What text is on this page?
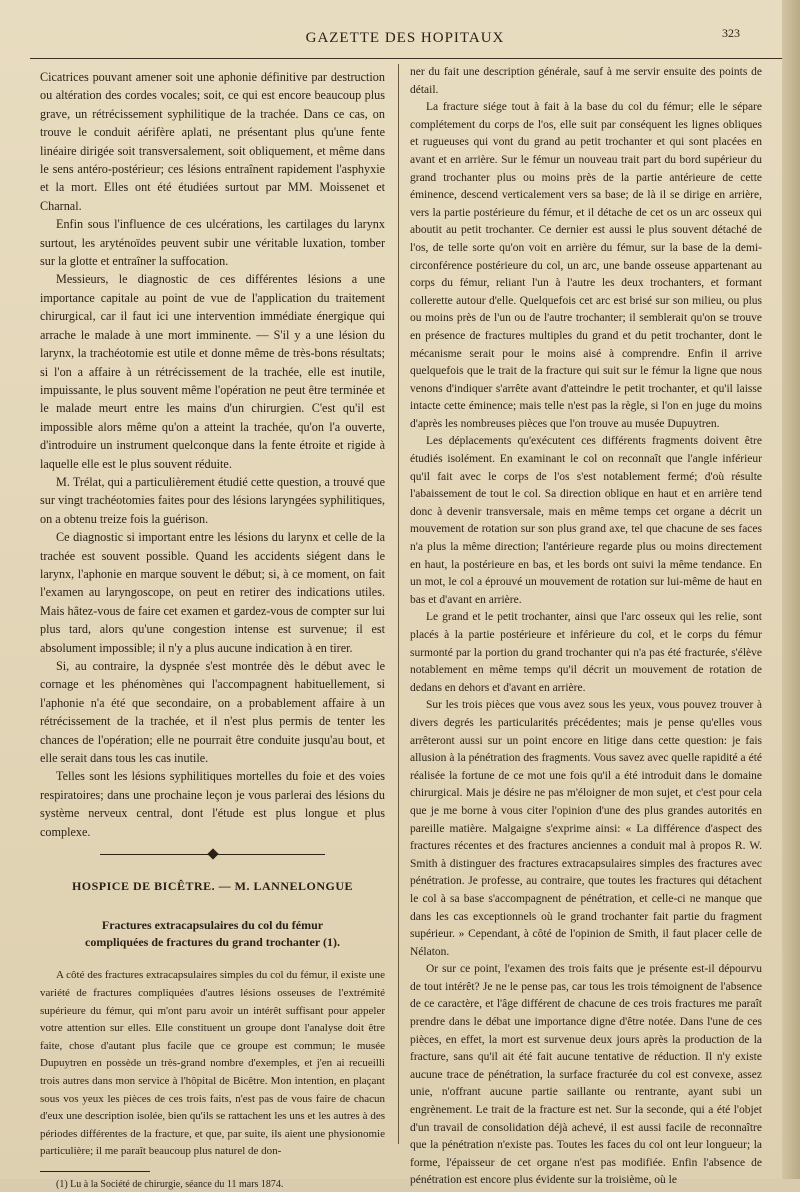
GAZETTE DES HOPITAUX	323

Cicatrices pouvant amener soit une aphonie définitive par destruction ou altération des cordes vocales; soit, ce qui est encore beaucoup plus grave, un rétrécissement syphilitique de la trachée. Dans ce cas, on trouve le conduit aérifère aplati, ne présentant plus qu'une fente linéaire dirigée soit transversalement, soit obliquement, et même dans le sens antéro-postérieur; ces lésions entraînent rapidement l'asphyxie et la mort. Elles ont été étudiées surtout par MM. Moissenet et Charnal.

Enfin sous l'influence de ces ulcérations, les cartilages du larynx surtout, les aryténoïdes peuvent subir une véritable luxation, tomber sur la glotte et entraîner la suffocation.

Messieurs, le diagnostic de ces différentes lésions a une importance capitale au point de vue de l'application du traitement chirurgical, car il faut ici une intervention immédiate énergique qui arrache le malade à une mort imminente. — S'il y a une lésion du larynx, la trachéotomie est utile et donne même de très-bons résultats; si l'on a affaire à un rétrécissement de la trachée, elle est inutile, impuissante, le plus souvent même l'opération ne peut être terminée et le malade meurt entre les mains d'un chirurgien. C'est qu'il est impossible alors même qu'on a atteint la trachée, qu'on l'a ouverte, d'introduire un instrument quelconque dans la fente étroite et rigide à laquelle elle est le plus souvent réduite.

M. Trélat, qui a particulièrement étudié cette question, a trouvé que sur vingt trachéotomies faites pour des lésions laryngées syphilitiques, on a obtenu treize fois la guérison.

Ce diagnostic si important entre les lésions du larynx et celle de la trachée est souvent possible. Quand les accidents siégent dans le larynx, l'aphonie en marque souvent le début; si, à ce moment, on fait l'examen au laryngoscope, on peut en retirer des indications utiles. Mais hâtez-vous de faire cet examen et gardez-vous de compter sur lui plus tard, alors qu'une congestion intense est survenue; il est absolument impossible; il n'y a plus aucune indication à en tirer.

Si, au contraire, la dyspnée s'est montrée dès le début avec le cornage et les phénomènes qui l'accompagnent habituellement, si l'aphonie n'a été que secondaire, on a probablement affaire à un rétrécissement de la trachée, et il n'est plus permis de tenter les chances de l'opération; elle ne pourrait être conduite jusqu'au bout, et elle serait dans tous les cas inutile.

Telles sont les lésions syphilitiques mortelles du foie et des voies respiratoires; dans une prochaine leçon je vous parlerai des lésions du système nerveux central, dont l'étude est plus longue et plus complexe.

HOSPICE DE BICÊTRE. — M. LANNELONGUE
Fractures extracapsulaires du col du fémur
compliquées de fractures du grand trochanter (1).

A côté des fractures extracapsulaires simples du col du fémur, il existe une variété de fractures compliquées d'autres lésions osseuses de l'extrémité supérieure du fémur, qui m'ont paru avoir un intérêt suffisant pour appeler votre attention sur elles. Elle constituent un groupe dont l'analyse doit être faite, chose d'autant plus facile que ce groupe est commun; le musée Dupuytren en possède un très-grand nombre d'exemples, et j'en ai recueilli trois autres dans mon service à l'hôpital de Bicêtre. Mon intention, en plaçant sous vos yeux les pièces de ces trois faits, n'est pas de vous faire de chacun d'eux une description isolée, bien qu'ils se rattachent les uns et les autres à des périodes différentes de la fracture, et que, par suite, ils aient une physionomie particulière; il me paraît beaucoup plus naturel de don-

(1) Lu à la Société de chirurgie, séance du 11 mars 1874.

ner du fait une description générale, sauf à me servir ensuite des points de détail.

La fracture siége tout à fait à la base du col du fémur; elle le sépare complétement du corps de l'os, elle suit par conséquent les lignes obliques et rugueuses qui vont du grand au petit trochanter et qui sont placées en avant et en arrière. Sur le fémur un nouveau trait part du bord supérieur du grand trochanter plus ou moins près de la partie antérieure de cette éminence, descend verticalement vers sa base; de là il se dirige en arrière, vers la partie postérieure du fémur, et il détache de cet os un arc osseux qui aboutit au petit trochanter. Ce dernier est aussi le plus souvent détaché de l'os, de telle sorte qu'on voit en arrière du fémur, sur la base de la demi-circonférence postérieure du col, un arc, une bande osseuse appartenant au corps du fémur, reliant l'un à l'autre les deux trochanters, et formant collerette autour d'elle. Quelquefois cet arc est brisé sur son milieu, ou plus ou moins près de l'un ou de l'autre trochanter; il semblerait qu'on se trouve en présence de fractures multiples du grand et du petit trochanter, dont le mécanisme serait pour le moins aisé à comprendre. Enfin il arrive quelquefois que le trait de la fracture qui suit sur le fémur la ligne que nous venons d'indiquer s'arrête avant d'atteindre le petit trochanter, et qu'il laisse intacte cette éminence; mais telle n'est pas la règle, si l'on en juge du moins d'après les nombreuses pièces que l'on trouve au musée Dupuytren.

Les déplacements qu'exécutent ces différents fragments doivent être étudiés isolément. En examinant le col on reconnaît que l'angle inférieur qu'il fait avec le corps de l'os s'est notablement fermé; d'où résulte l'abaissement de tout le col. Sa direction oblique en haut et en arrière tend donc à devenir transversale, mais en même temps cet organe a décrit un mouvement de rotation sur son plus grand axe, tel que chacune de ses faces n'a plus la même direction; l'antérieure regarde plus ou moins directement en haut, la postérieure en bas, et les bords ont suivi la même tendance. En un mot, le col a éprouvé un mouvement de rotation sur lui-même de haut en bas et d'avant en arrière.

Le grand et le petit trochanter, ainsi que l'arc osseux qui les relie, sont placés à la partie postérieure et inférieure du col, et le corps du fémur surmonté par la portion du grand trochanter qui n'a pas été fracturée, s'élève notablement en même temps qu'il décrit un mouvement de rotation de dedans en dehors et d'avant en arrière.

Sur les trois pièces que vous avez sous les yeux, vous pouvez trouver à divers degrés les particularités précédentes; mais je pense qu'elles vous arrêteront aussi sur un point encore en litige dans cette question: je fais allusion à la pénétration des fragments. Vous savez avec quelle rapidité a été réalisée la fortune de ce mot une fois qu'il a été introduit dans le domaine chirurgical. Mais je désire ne pas m'éloigner de mon sujet, et c'est pour cela que je me borne à vous citer l'opinion d'une des plus grandes autorités en pareille matière. Malgaigne s'exprime ainsi: « La différence d'aspect des fractures récentes et des fractures anciennes a conduit mal à propos R. W. Smith à distinguer des fractures extracapsulaires simples des fractures avec pénétration. Je professe, au contraire, que toutes les fractures qui détachent le col à sa base s'accompagnent de pénétration, et celle-ci ne manque que dans les cas exceptionnels où le grand trochanter fait partie du fragment supérieur. » Cependant, à côté de l'opinion de Smith, il faut placer celle de Nélaton.

Or sur ce point, l'examen des trois faits que je présente est-il dépourvu de tout intérêt? Je ne le pense pas, car tous les trois témoignent de l'absence de ce caractère, et l'âge différent de chacune de ces trois fractures me paraît prendre dans le débat une importance digne d'être notée. Dans l'une de ces pièces, en effet, la mort est survenue deux jours après la production de la fracture, sans qu'il ait été fait aucune tentative de réduction. Il n'y existe aucune trace de pénétration, la surface fracturée du col est convexe, assez unie, n'offrant aucune partie saillante ou rentrante, ayant subi un engrènement. Le trait de la fracture est net. Sur la seconde, qui a été l'objet d'un travail de consolidation déjà achevé, il est aussi facile de reconnaître que la pénétration n'existe pas. Toutes les faces du col ont leur longueur; la forme, l'épaisseur de cet organe n'est pas modifiée. Enfin l'absence de pénétration est encore plus évidente sur la troisième, où le
